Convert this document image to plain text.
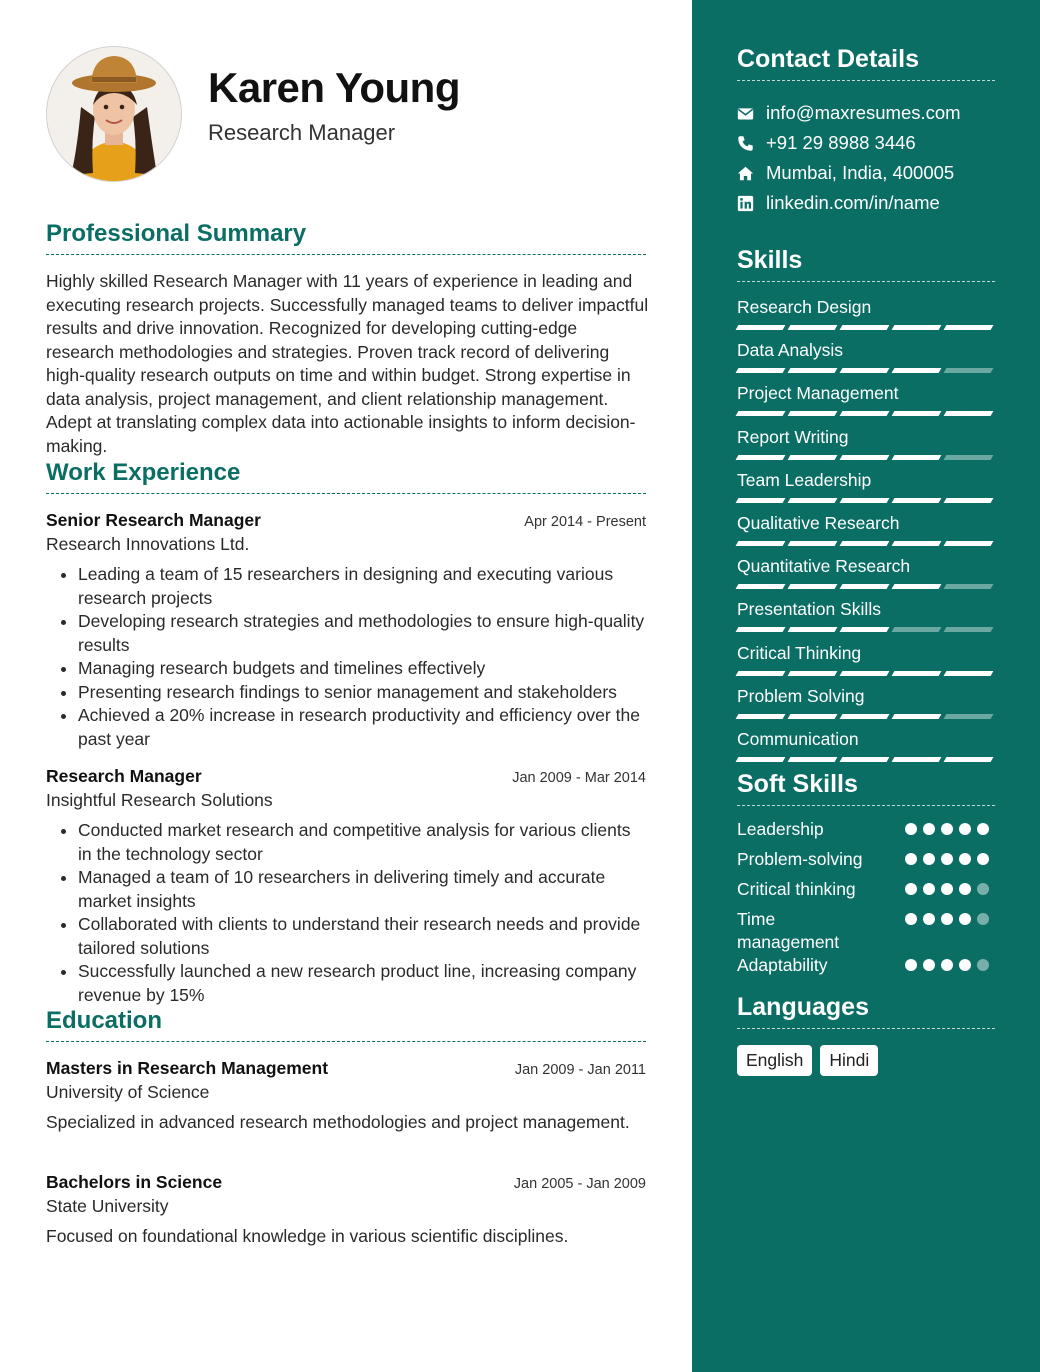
Karen Young
Research Manager
Professional Summary
Highly skilled Research Manager with 11 years of experience in leading and executing research projects. Successfully managed teams to deliver impactful results and drive innovation. Recognized for developing cutting-edge research methodologies and strategies. Proven track record of delivering high-quality research outputs on time and within budget. Strong expertise in data analysis, project management, and client relationship management. Adept at translating complex data into actionable insights to inform decision-making.
Work Experience
Senior Research Manager	Apr 2014 - Present
Research Innovations Ltd.
• Leading a team of 15 researchers in designing and executing various research projects
• Developing research strategies and methodologies to ensure high-quality results
• Managing research budgets and timelines effectively
• Presenting research findings to senior management and stakeholders
• Achieved a 20% increase in research productivity and efficiency over the past year
Research Manager	Jan 2009 - Mar 2014
Insightful Research Solutions
• Conducted market research and competitive analysis for various clients in the technology sector
• Managed a team of 10 researchers in delivering timely and accurate market insights
• Collaborated with clients to understand their research needs and provide tailored solutions
• Successfully launched a new research product line, increasing company revenue by 15%
Education
Masters in Research Management	Jan 2009 - Jan 2011
University of Science
Specialized in advanced research methodologies and project management.
Bachelors in Science	Jan 2005 - Jan 2009
State University
Focused on foundational knowledge in various scientific disciplines.
Contact Details
info@maxresumes.com
+91 29 8988 3446
Mumbai, India, 400005
linkedin.com/in/name
Skills
Research Design
Data Analysis
Project Management
Report Writing
Team Leadership
Qualitative Research
Quantitative Research
Presentation Skills
Critical Thinking
Problem Solving
Communication
Soft Skills
Leadership
Problem-solving
Critical thinking
Time management
Adaptability
Languages
English	Hindi
